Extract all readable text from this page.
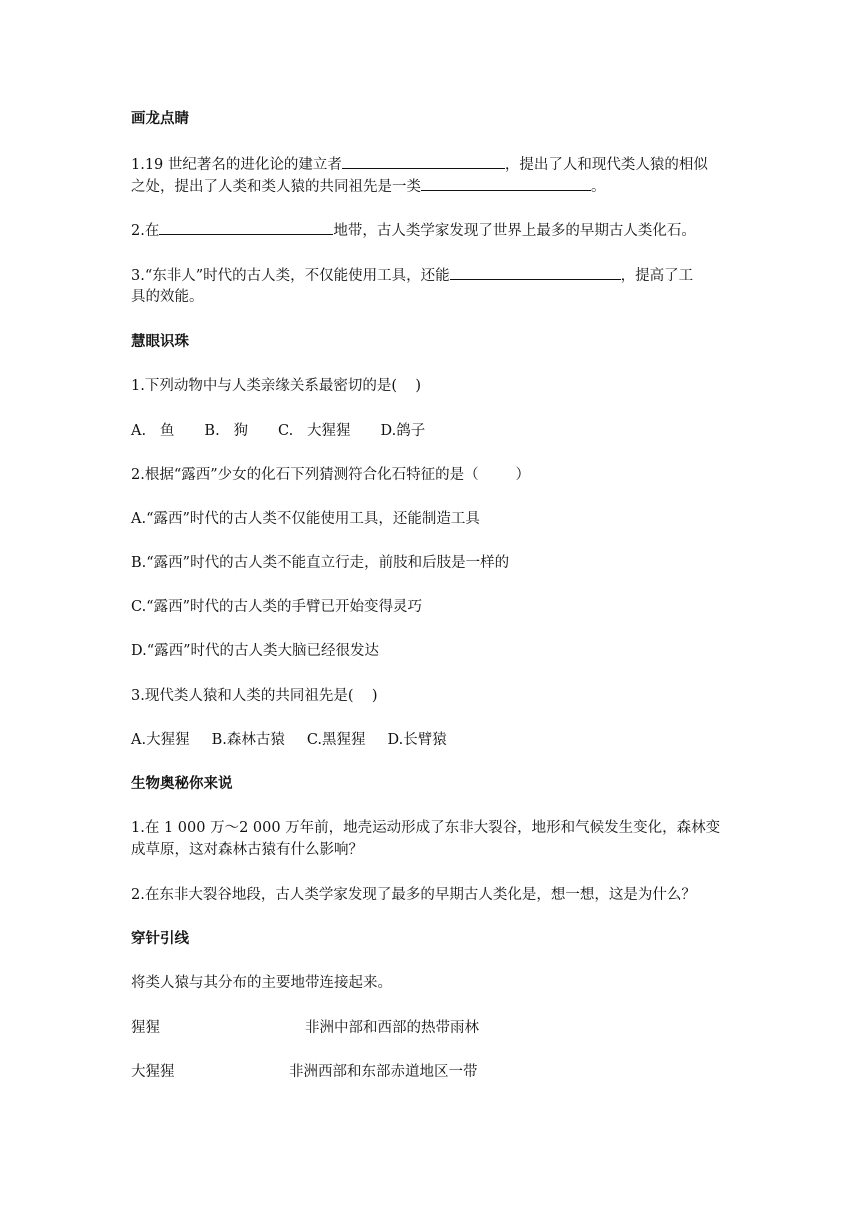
画龙点睛
1.19 世纪著名的进化论的建立者	，提出了人和现代类人猿的相似
之处，提出了人类和类人猿的共同祖先是一类	。
2.在	地带，古人类学家发现了世界上最多的早期古人类化石。
3.“东非人”时代的古人类，不仅能使用工具，还能	，提高了工
具的效能。
慧眼识珠
1.下列动物中与人类亲缘关系最密切的是(    )
A.   鱼 B.   狗 C.   大猩猩 D.鸽子
2.根据“露西”少女的化石下列猜测符合化石特征的是（        ）
A.“露西”时代的古人类不仅能使用工具，还能制造工具
B.“露西”时代的古人类不能直立行走，前肢和后肢是一样的
C.“露西”时代的古人类的手臂已开始变得灵巧
D.“露西”时代的古人类大脑已经很发达
3.现代类人猿和人类的共同祖先是(    )
A.大猩猩 B.森林古猿 C.黑猩猩 D.长臂猿
生物奥秘你来说
1.在 1 000 万～2 000 万年前，地壳运动形成了东非大裂谷，地形和气候发生变化，森林变
成草原，这对森林古猿有什么影响？
2.在东非大裂谷地段，古人类学家发现了最多的早期古人类化是，想一想，这是为什么？
穿针引线
将类人猿与其分布的主要地带连接起来。
猩猩	非洲中部和西部的热带雨林
大猩猩	非洲西部和东部赤道地区一带
